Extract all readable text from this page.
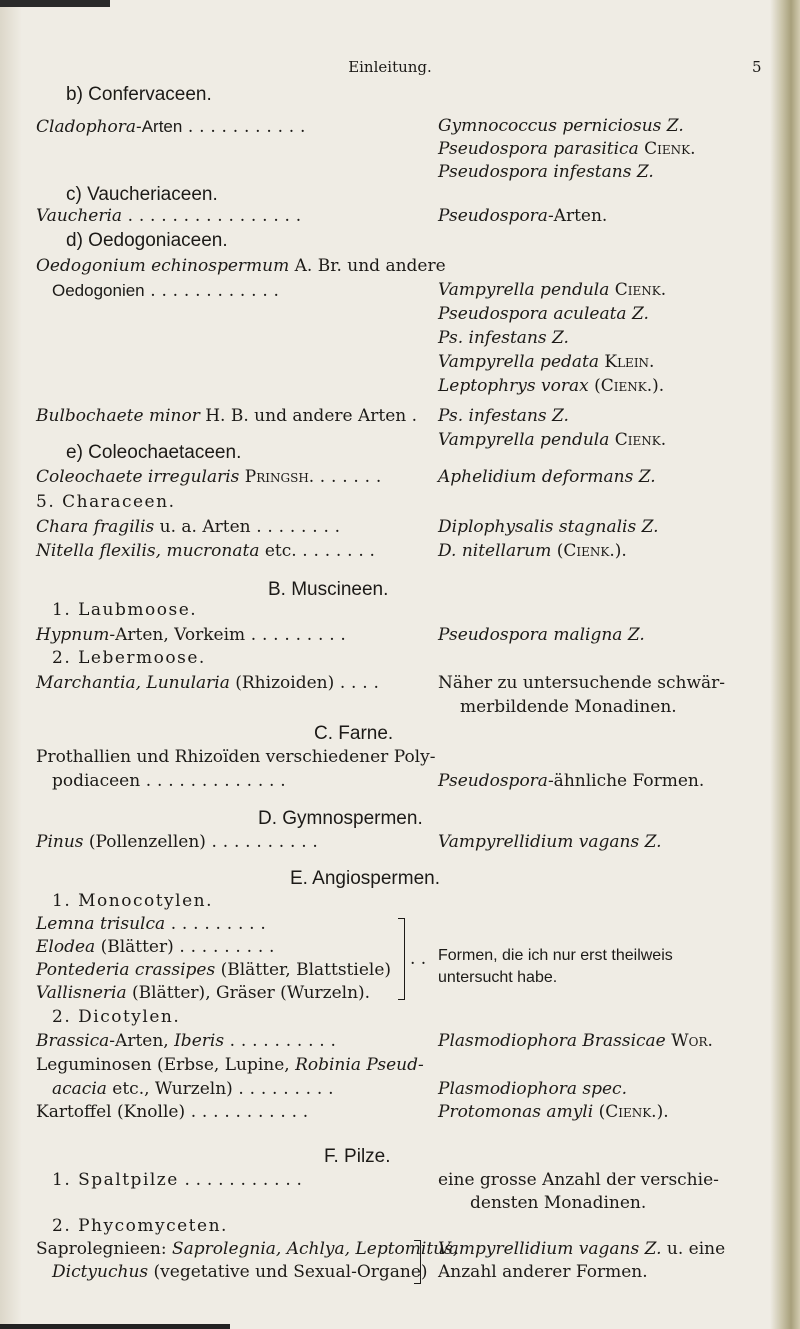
Einleitung.	5
b) Confervaceen.
Cladophora-Arten . . . . . . . . . . .
c) Vaucheriaceen.
Vaucheria . . . . . . . . . . . . . . . .
d) Oedogoniaceen.
Oedogonium echinospermum A. Br. und andere
Oedogonien . . . . . . . . . . . .
Bulbochaete minor H. B. und andere Arten .
e) Coleochaetaceen.
Coleochaete irregularis Pringsh. . . . . . .
5. Characeen.
Chara fragilis u. a. Arten . . . . . . . .
Nitella flexilis, mucronata etc. . . . . . . .
B. Muscineen.
1. Laubmoose.
Hypnum-Arten, Vorkeim . . . . . . . . .
2. Lebermoose.
Marchantia, Lunularia (Rhizoiden) . . . .
C. Farne.
Prothallien und Rhizoïden verschiedener Poly-
podiaceen . . . . . . . . . . . . .
D. Gymnospermen.
Pinus (Pollenzellen) . . . . . . . . . .
E. Angiospermen.
1. Monocotylen.
Lemna trisulca . . . . . . . . .
Elodea (Blätter) . . . . . . . . .
Pontederia crassipes (Blätter, Blattstiele)
Vallisneria (Blätter), Gräser (Wurzeln).
. .
2. Dicotylen.
Brassica-Arten, Iberis . . . . . . . . . .
Leguminosen (Erbse, Lupine, Robinia Pseud-
acacia etc., Wurzeln) . . . . . . . . .
Kartoffel (Knolle) . . . . . . . . . . .
F. Pilze.
1. Spaltpilze . . . . . . . . . . .
2. Phycomyceten.
Saprolegnieen: Saprolegnia, Achlya, Leptomitus,
Dictyuchus (vegetative und Sexual-Organe)
Gymnococcus perniciosus Z.
Pseudospora parasitica Cienk.
Pseudospora infestans Z.
Pseudospora-Arten.
Vampyrella pendula Cienk.
Pseudospora aculeata Z.
Ps. infestans Z.
Vampyrella pedata Klein.
Leptophrys vorax (Cienk.).
Ps. infestans Z.
Vampyrella pendula Cienk.
Aphelidium deformans Z.
Diplophysalis stagnalis Z.
D. nitellarum (Cienk.).
Pseudospora maligna Z.
Näher zu untersuchende schwär-
merbildende Monadinen.
Pseudospora-ähnliche Formen.
Vampyrellidium vagans Z.
Formen, die ich nur erst theilweis
untersucht habe.
Plasmodiophora Brassicae Wor.
Plasmodiophora spec.
Protomonas amyli (Cienk.).
eine grosse Anzahl der verschie-
densten Monadinen.
Vampyrellidium vagans Z. u. eine
Anzahl anderer Formen.
